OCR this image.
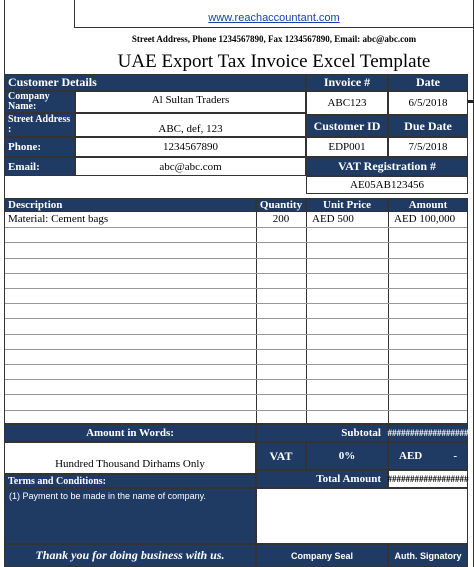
www.reachaccountant.com
Street Address, Phone 1234567890, Fax 1234567890, Email: abc@abc.com
UAE Export Tax Invoice Excel Template
Customer Details
Company Name:
Al Sultan Traders
Street Address :	ABC, def, 123
Phone:	1234567890
Email:	abc@abc.com
Invoice #	Date
ABC123	6/5/2018
Customer ID	Due Date
EDP001	7/5/2018
VAT Registration #
AE05AB123456
Description	Quantity	Unit Price	Amount
Material: Cement bags	200	AED 500	AED 100,000
Amount in Words:
Hundred Thousand Dirhams Only
Subtotal ##################
VAT	0%	AED	-
Terms and Conditions:
(1) Payment to be made in the name of company.
Total Amount ##################
Thank you for doing business with us.	Company Seal	Auth. Signatory
